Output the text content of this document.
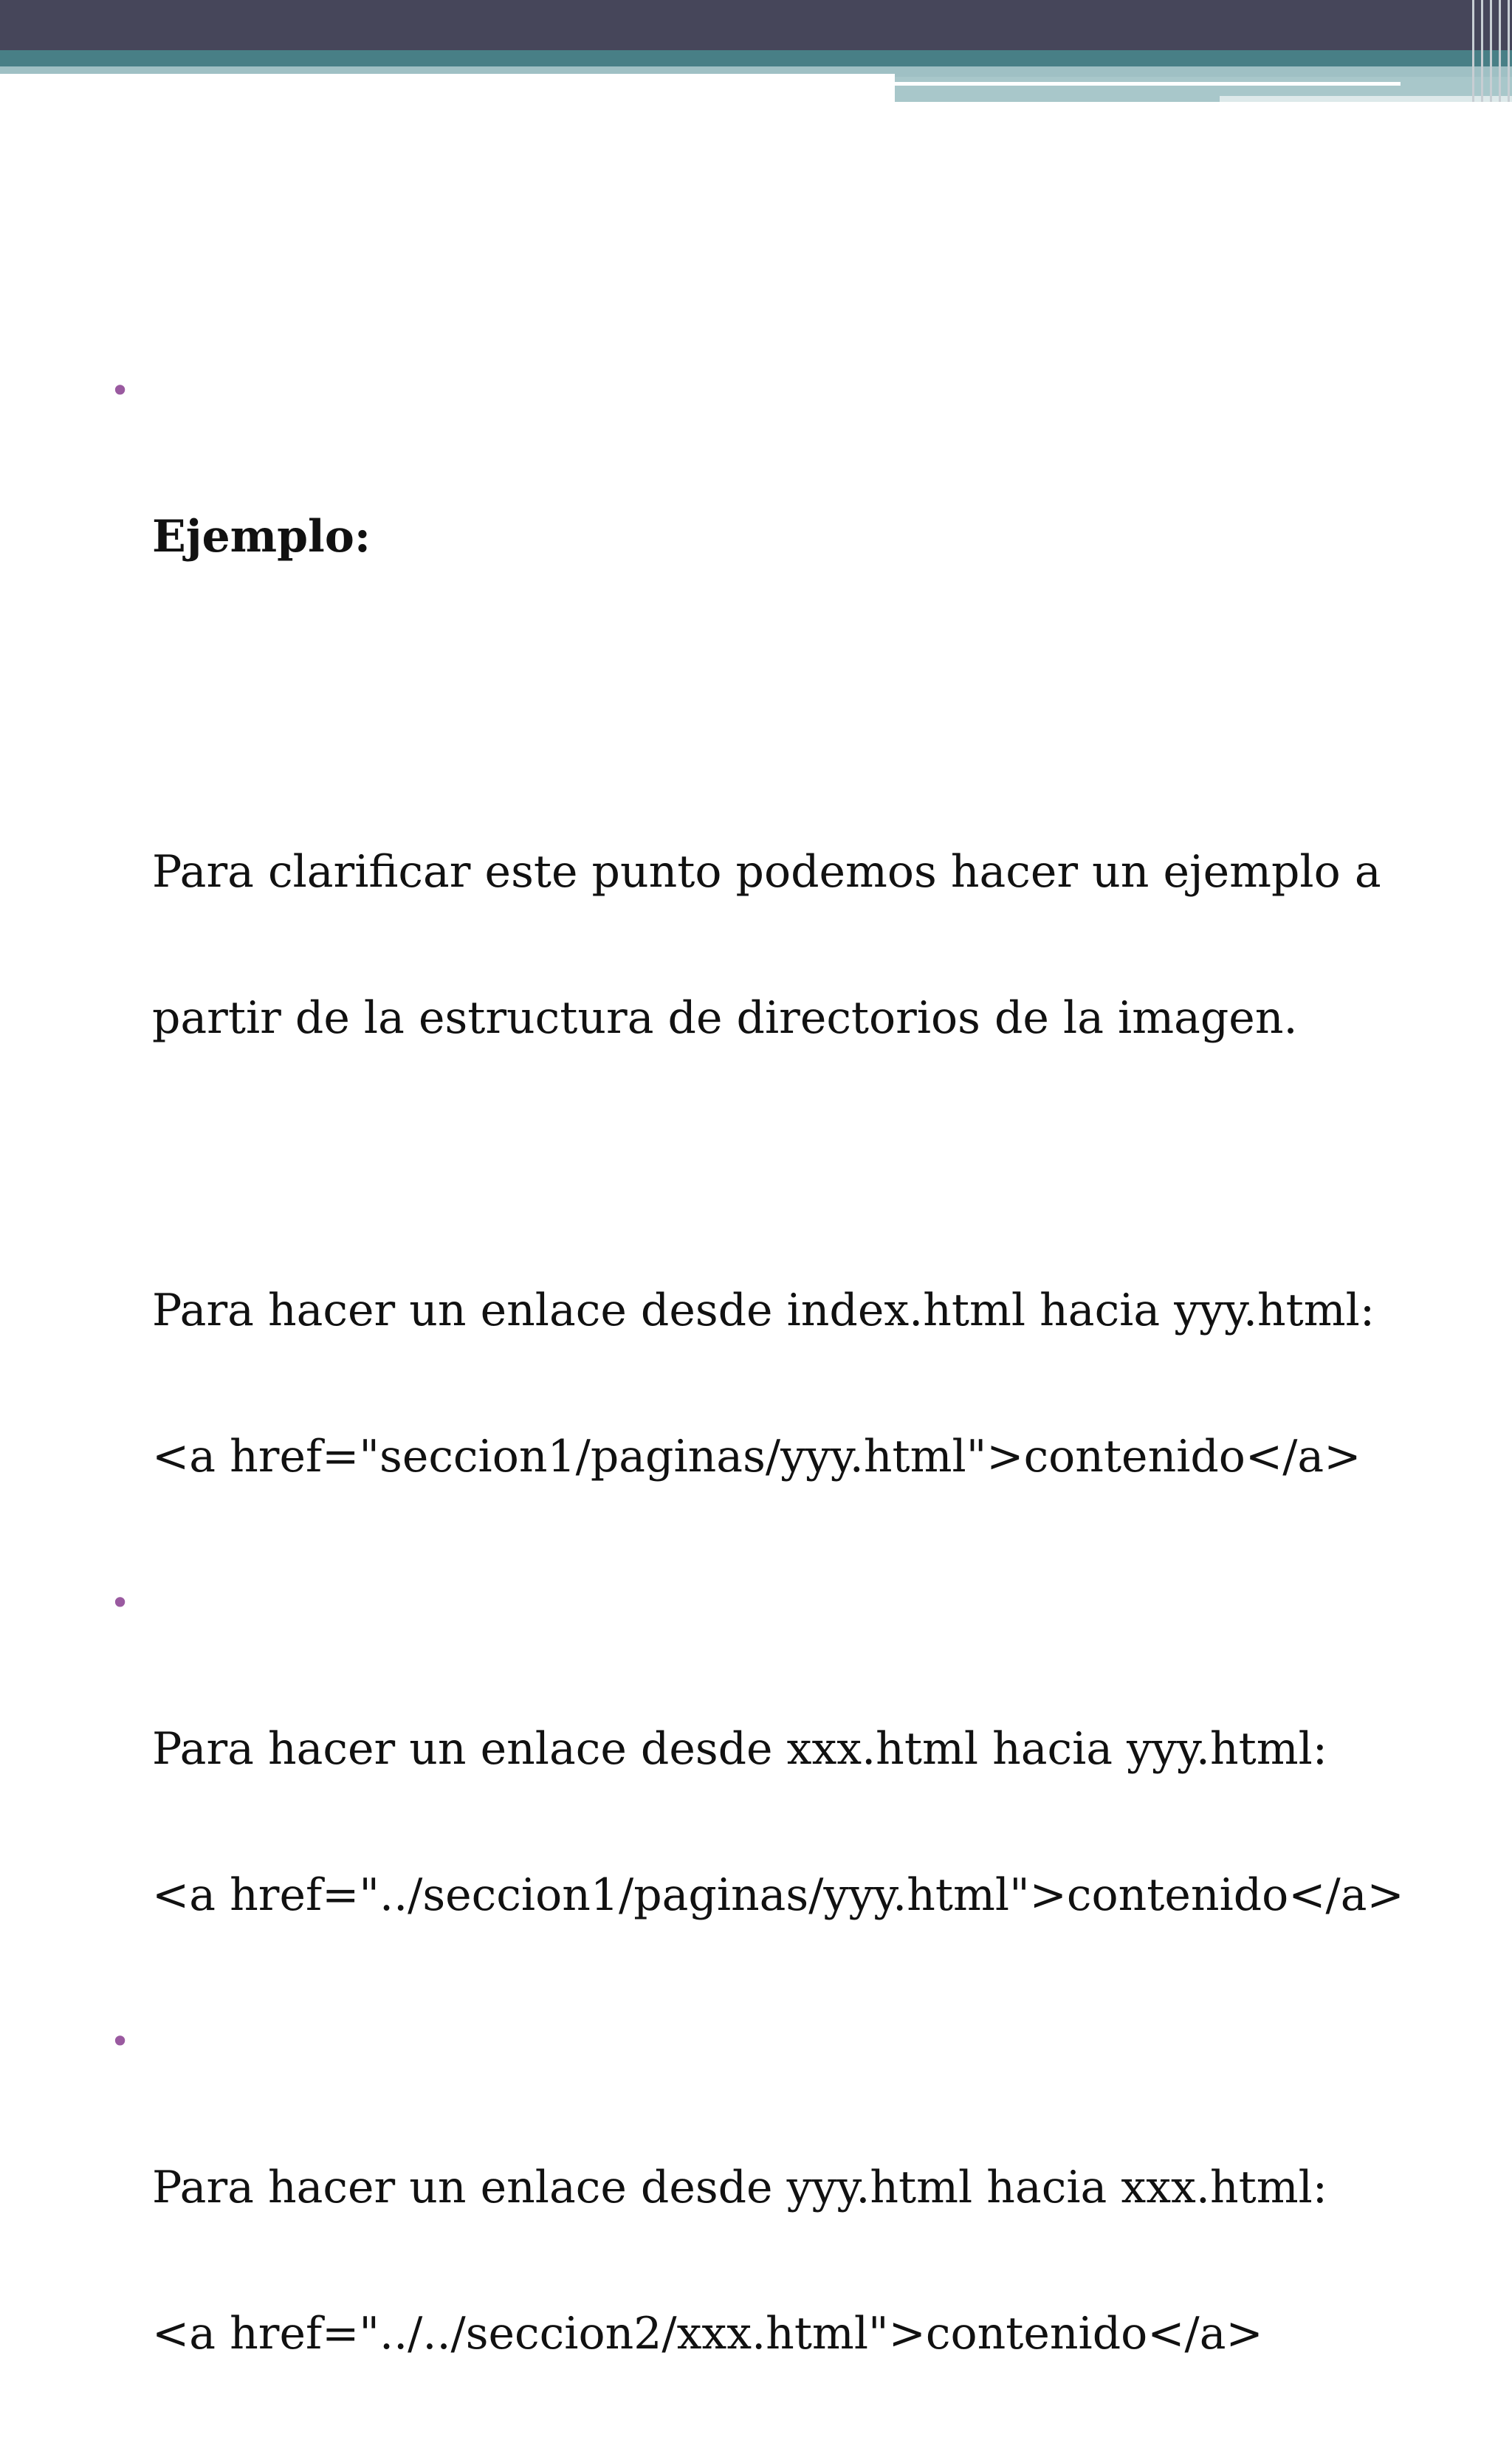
•

Ejemplo:

Para clarificar este punto podemos hacer un ejemplo a

partir de la estructura de directorios de la imagen.

Para hacer un enlace desde index.html hacia yyy.html:

<a href="seccion1/paginas/yyy.html">contenido</a>

•

Para hacer un enlace desde xxx.html hacia yyy.html:

<a href="../seccion1/paginas/yyy.html">contenido</a>

•

Para hacer un enlace desde yyy.html hacia xxx.html:

<a href="../../seccion2/xxx.html">contenido</a>
